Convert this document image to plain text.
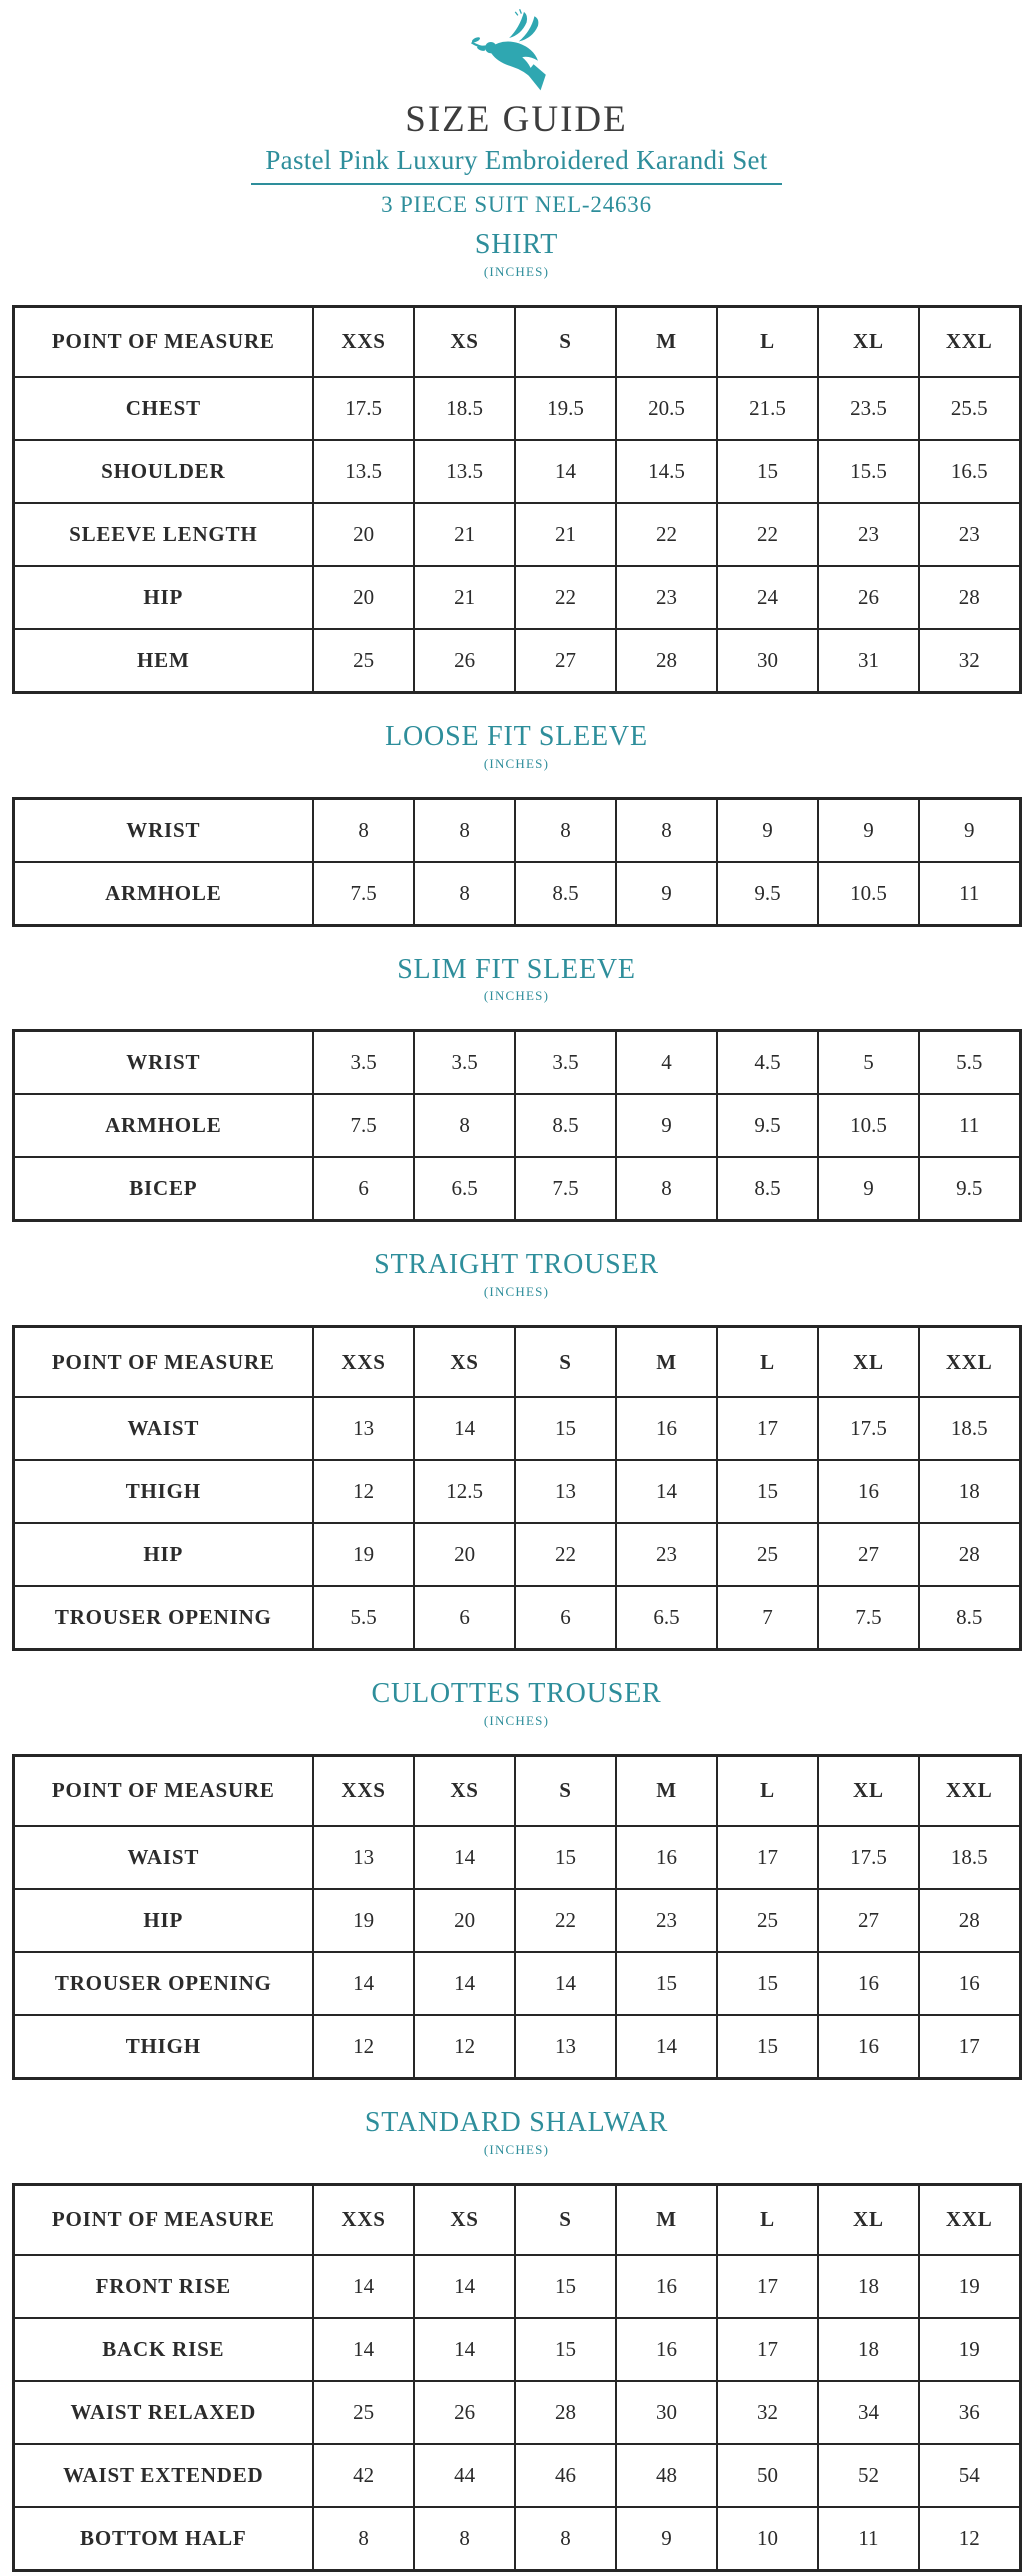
SIZE GUIDE
Pastel Pink Luxury Embroidered Karandi Set
3 PIECE SUIT NEL-24636
SHIRT
(INCHES)
POINT OF MEASURE	XXS	XS	S	M	L	XL	XXL
CHEST	17.5	18.5	19.5	20.5	21.5	23.5	25.5
SHOULDER	13.5	13.5	14	14.5	15	15.5	16.5
SLEEVE LENGTH	20	21	21	22	22	23	23
HIP	20	21	22	23	24	26	28
HEM	25	26	27	28	30	31	32
LOOSE FIT SLEEVE
(INCHES)
WRIST	8	8	8	8	9	9	9
ARMHOLE	7.5	8	8.5	9	9.5	10.5	11
SLIM FIT SLEEVE
(INCHES)
WRIST	3.5	3.5	3.5	4	4.5	5	5.5
ARMHOLE	7.5	8	8.5	9	9.5	10.5	11
BICEP	6	6.5	7.5	8	8.5	9	9.5
STRAIGHT TROUSER
(INCHES)
POINT OF MEASURE	XXS	XS	S	M	L	XL	XXL
WAIST	13	14	15	16	17	17.5	18.5
THIGH	12	12.5	13	14	15	16	18
HIP	19	20	22	23	25	27	28
TROUSER OPENING	5.5	6	6	6.5	7	7.5	8.5
CULOTTES TROUSER
(INCHES)
POINT OF MEASURE	XXS	XS	S	M	L	XL	XXL
WAIST	13	14	15	16	17	17.5	18.5
HIP	19	20	22	23	25	27	28
TROUSER OPENING	14	14	14	15	15	16	16
THIGH	12	12	13	14	15	16	17
STANDARD SHALWAR
(INCHES)
POINT OF MEASURE	XXS	XS	S	M	L	XL	XXL
FRONT RISE	14	14	15	16	17	18	19
BACK RISE	14	14	15	16	17	18	19
WAIST RELAXED	25	26	28	30	32	34	36
WAIST EXTENDED	42	44	46	48	50	52	54
BOTTOM HALF	8	8	8	9	10	11	12
